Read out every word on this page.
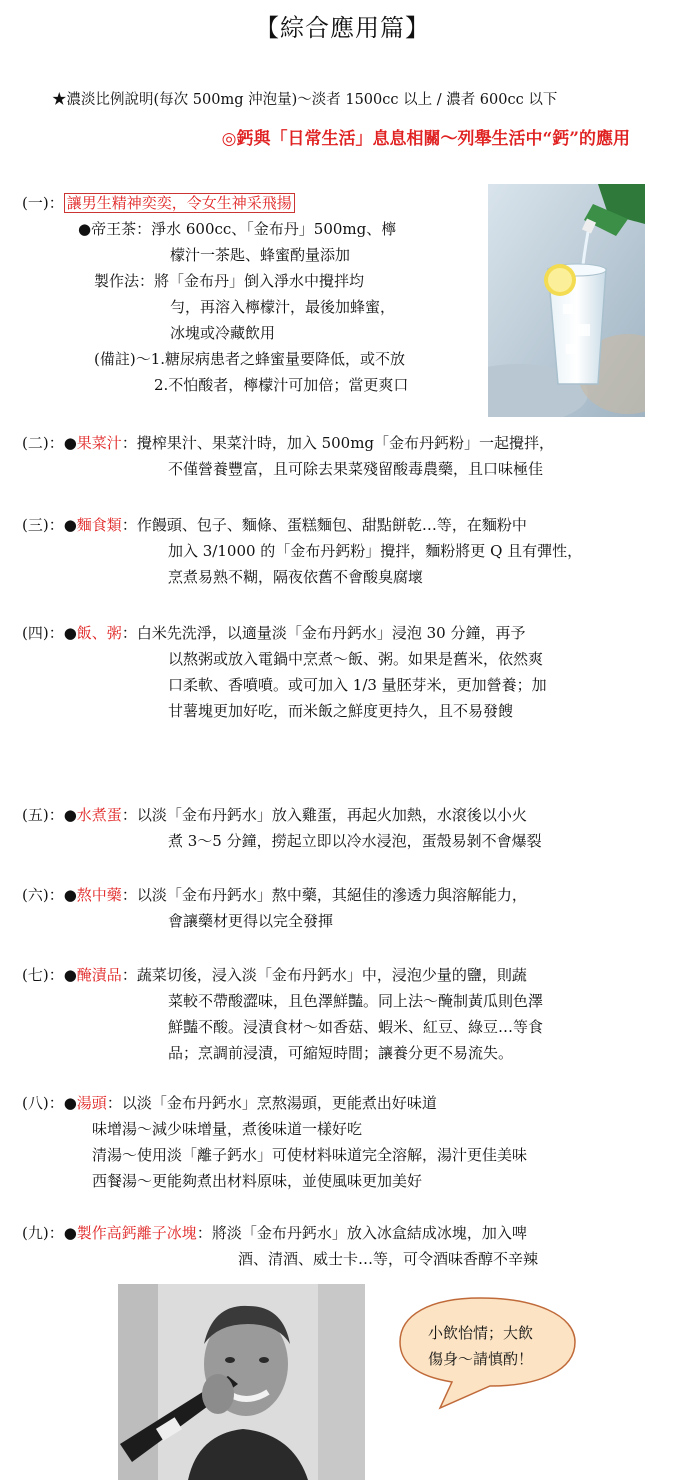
【綜合應用篇】
★濃淡比例說明(每次 500mg 沖泡量)～淡者 1500cc 以上 / 濃者 600cc 以下
◎鈣與「日常生活」息息相關～列舉生活中“鈣”的應用
(一)： 讓男生精神奕奕，令女生神采飛揚
●帝王茶：淨水 600cc、「金布丹」500mg、檸
檬汁一茶匙、蜂蜜酌量添加
製作法：將「金布丹」倒入淨水中攪拌均
勻，再溶入檸檬汁，最後加蜂蜜，
冰塊或冷藏飲用
(備註)～1.糖尿病患者之蜂蜜量要降低，或不放
2.不怕酸者，檸檬汁可加倍；當更爽口
(二)：●果菜汁：攪榨果汁、果菜汁時，加入 500mg「金布丹鈣粉」一起攪拌，
不僅營養豐富，且可除去果菜殘留酸毒農藥，且口味極佳
(三)：●麵食類：作饅頭、包子、麵條、蛋糕麵包、甜點餅乾…等，在麵粉中
加入 3/1000 的「金布丹鈣粉」攪拌，麵粉將更 Q 且有彈性，
烹煮易熟不糊，隔夜依舊不會酸臭腐壞
(四)：●飯、粥：白米先洗淨，以適量淡「金布丹鈣水」浸泡 30 分鐘，再予
以熬粥或放入電鍋中烹煮～飯、粥。如果是舊米，依然爽
口柔軟、香噴噴。或可加入 1/3 量胚芽米，更加營養；加
甘薯塊更加好吃，而米飯之鮮度更持久，且不易發餿
(五)：●水煮蛋：以淡「金布丹鈣水」放入雞蛋，再起火加熱，水滾後以小火
煮 3～5 分鐘，撈起立即以冷水浸泡，蛋殼易剝不會爆裂
(六)：●熬中藥：以淡「金布丹鈣水」熬中藥，其絕佳的滲透力與溶解能力，
會讓藥材更得以完全發揮
(七)：●醃漬品：蔬菜切後，浸入淡「金布丹鈣水」中，浸泡少量的鹽，則蔬
菜較不帶酸澀味，且色澤鮮豔。同上法～醃制黃瓜則色澤
鮮豔不酸。浸漬食材～如香菇、蝦米、紅豆、綠豆…等食
品；烹調前浸漬，可縮短時間；讓養分更不易流失。
(八)：●湯頭：以淡「金布丹鈣水」烹熬湯頭，更能煮出好味道
味增湯～減少味增量，煮後味道一樣好吃
清湯～使用淡「離子鈣水」可使材料味道完全溶解，湯汁更佳美味
西餐湯～更能夠煮出材料原味，並使風味更加美好
(九)：●製作高鈣離子冰塊：將淡「金布丹鈣水」放入冰盒結成冰塊，加入啤
酒、清酒、威士卡…等，可令酒味香醇不辛辣
小飲怡情；大飲
傷身～請慎酌！
